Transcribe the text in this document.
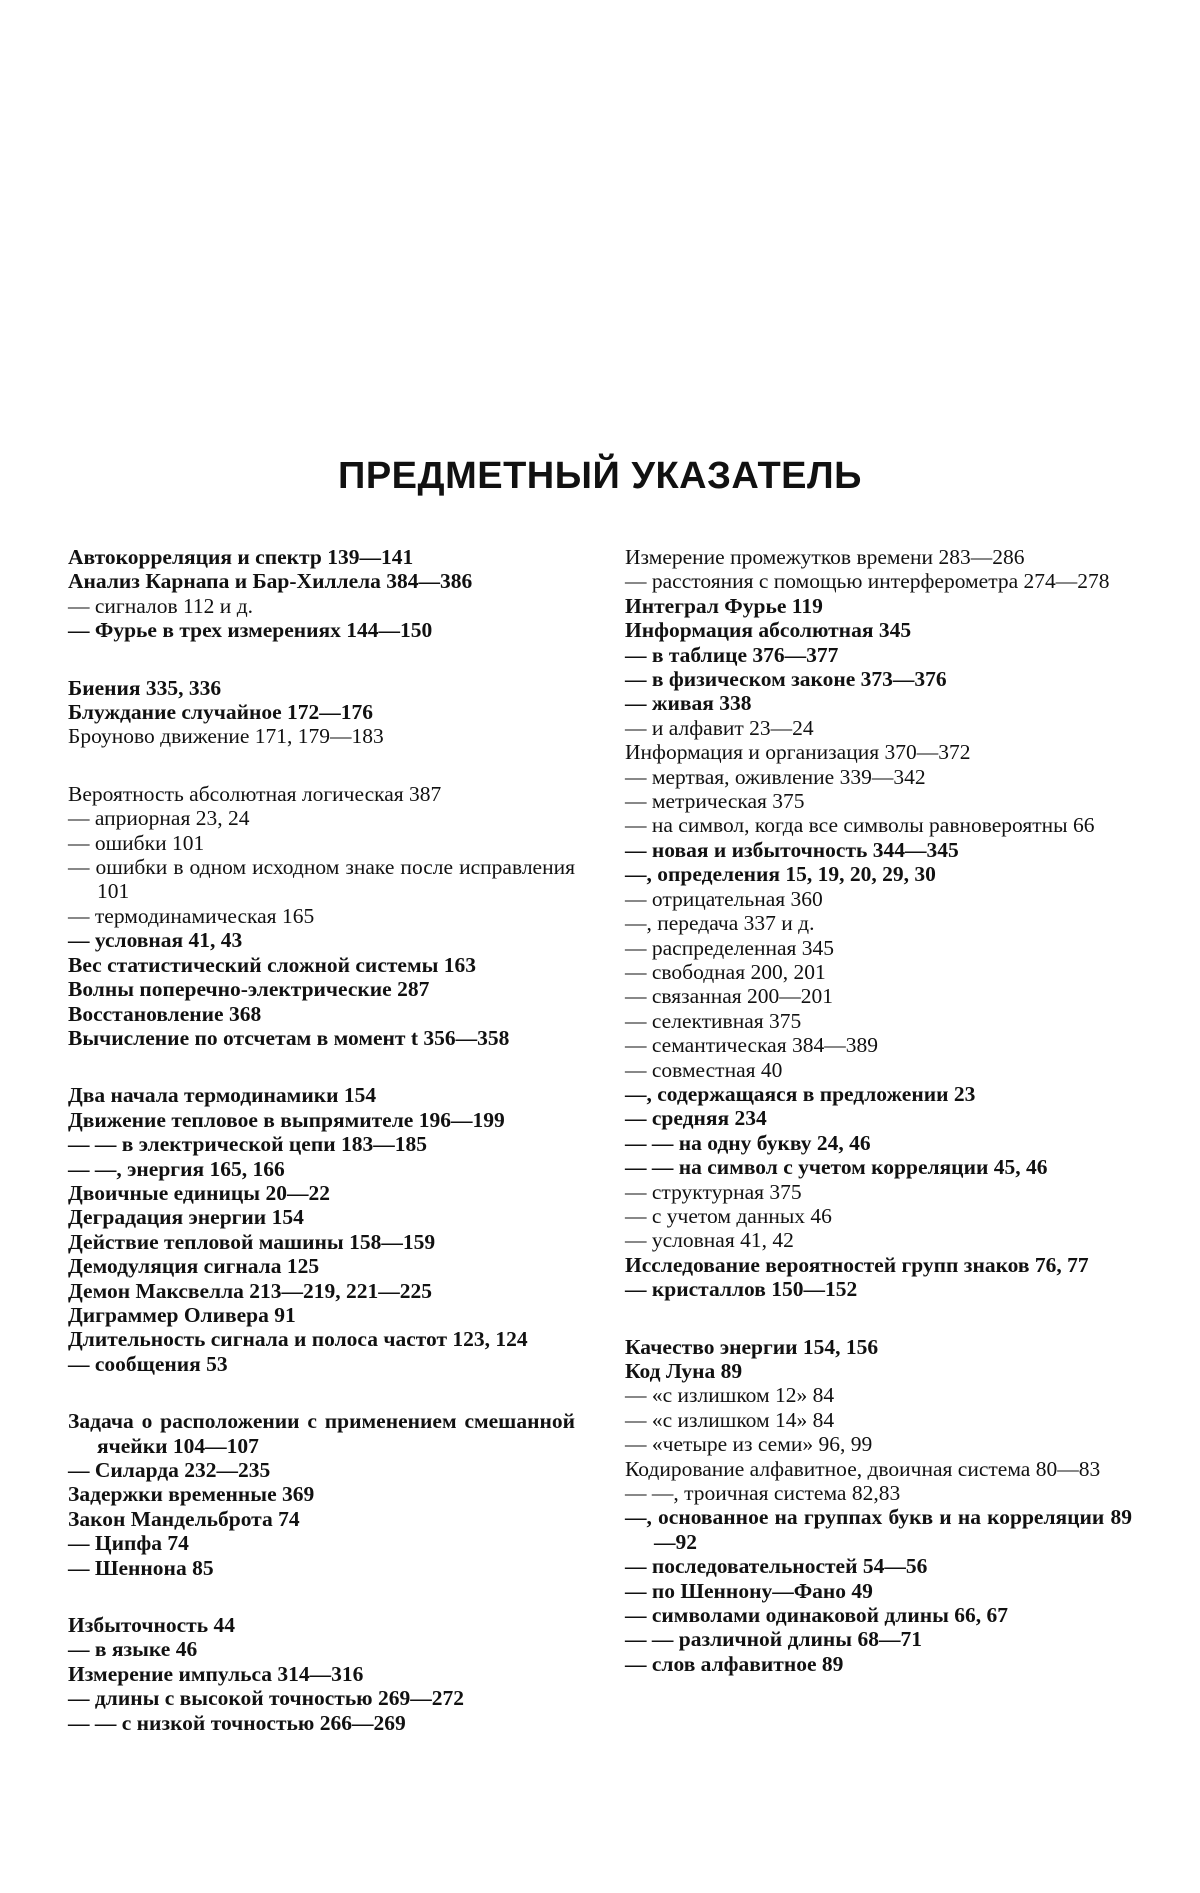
ПРЕДМЕТНЫЙ УКАЗАТЕЛЬ
Автокорреляция и спектр 139—141
Анализ Карнапа и Бар-Хиллела 384—386
— сигналов 112 и д.
— Фурье в трех измерениях 144—150
Биения 335, 336
Блуждание случайное 172—176
Броуново движение 171, 179—183
Вероятность абсолютная логическая 387
— априорная 23, 24
— ошибки 101
— ошибки в одном исходном знаке после исправления 101
— термодинамическая 165
— условная 41, 43
Вес статистический сложной системы 163
Волны поперечно-электрические 287
Восстановление 368
Вычисление по отсчетам в момент t 356—358
Два начала термодинамики 154
Движение тепловое в выпрямителе 196—199
— — в электрической цепи 183—185
— —, энергия 165, 166
Двоичные единицы 20—22
Деградация энергии 154
Действие тепловой машины 158—159
Демодуляция сигнала 125
Демон Максвелла 213—219, 221—225
Диграммер Оливера 91
Длительность сигнала и полоса частот 123, 124
— сообщения 53
Задача о расположении с применением смешанной ячейки 104—107
— Силарда 232—235
Задержки временные 369
Закон Мандельброта 74
— Ципфа 74
— Шеннона 85
Избыточность 44
— в языке 46
Измерение импульса 314—316
— длины с высокой точностью 269—272
— — с низкой точностью 266—269
Измерение промежутков времени 283—286
— расстояния с помощью интерферометра 274—278
Интеграл Фурье 119
Информация абсолютная 345
— в таблице 376—377
— в физическом законе 373—376
— живая 338
— и алфавит 23—24
Информация и организация 370—372
— мертвая, оживление 339—342
— метрическая 375
— на символ, когда все символы равновероятны 66
— новая и избыточность 344—345
—, определения 15, 19, 20, 29, 30
— отрицательная 360
—, передача 337 и д.
— распределенная 345
— свободная 200, 201
— связанная 200—201
— селективная 375
— семантическая 384—389
— совместная 40
—, содержащаяся в предложении 23
— средняя 234
— — на одну букву 24, 46
— — на символ с учетом корреляции 45, 46
— структурная 375
— с учетом данных 46
— условная 41, 42
Исследование вероятностей групп знаков 76, 77
— кристаллов 150—152
Качество энергии 154, 156
Код Луна 89
— «с излишком 12» 84
— «с излишком 14» 84
— «четыре из семи» 96, 99
Кодирование алфавитное, двоичная система 80—83
— —, троичная система 82,83
—, основанное на группах букв и на корреляции 89—92
— последовательностей 54—56
— по Шеннону—Фано 49
— символами одинаковой длины 66, 67
— — различной длины 68—71
— слов алфавитное 89
